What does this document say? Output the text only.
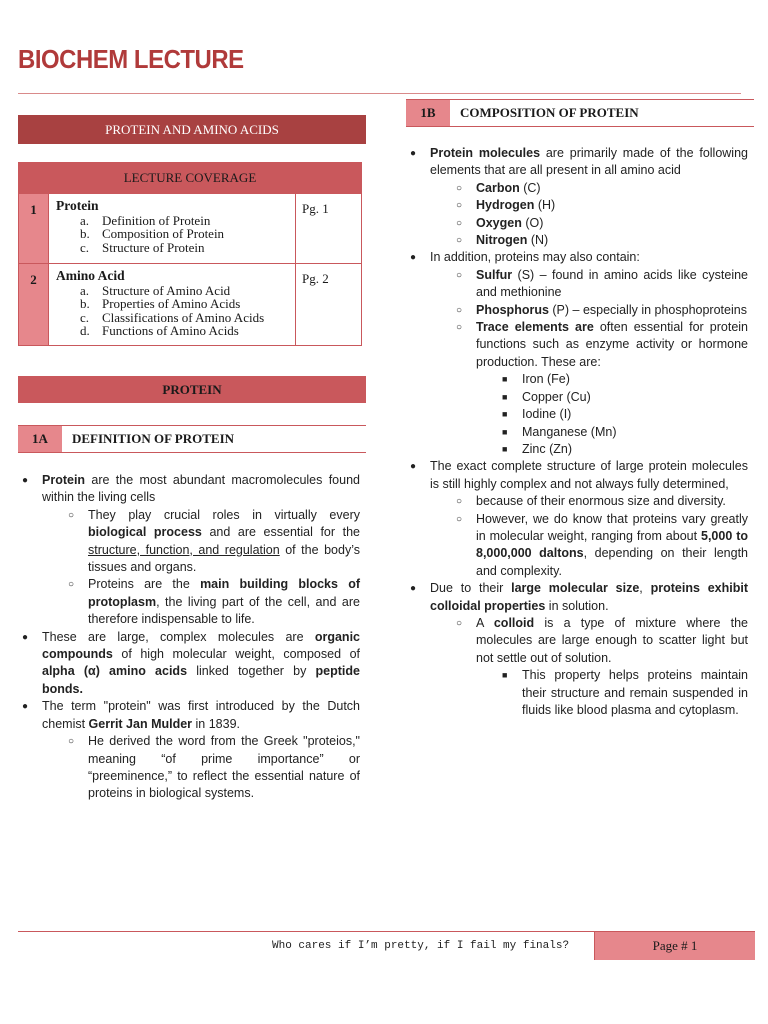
BIOCHEM LECTURE
PROTEIN AND AMINO ACIDS
LECTURE COVERAGE
1	Protein
a. Definition of Protein
b. Composition of Protein
c. Structure of Protein
Pg. 1
2	Amino Acid
a. Structure of Amino Acid
b. Properties of Amino Acids
c. Classifications of Amino Acids
d. Functions of Amino Acids
Pg. 2
PROTEIN
1A	DEFINITION OF PROTEIN
1B	COMPOSITION OF PROTEIN

● Protein are the most abundant macromolecules found within the living cells

○ They play crucial roles in virtually every biological process and are essential for the structure, function, and regulation of the body’s tissues and organs.

○ Proteins are the main building blocks of protoplasm, the living part of the cell, and are therefore indispensable to life.

● These are large, complex molecules are organic compounds of high molecular weight, composed of alpha (α) amino acids linked together by peptide bonds.

● The term "protein" was first introduced by the Dutch chemist Gerrit Jan Mulder in 1839.

○ He derived the word from the Greek "proteios," meaning “of prime importance” or “preeminence,” to reflect the essential nature of proteins in biological systems.

● Protein molecules are primarily made of the following elements that are all present in all amino acid

○ Carbon (C)

○ Hydrogen (H)

○ Oxygen (O)

○ Nitrogen (N)

● In addition, proteins may also contain:

○ Sulfur (S) – found in amino acids like cysteine and methionine

○ Phosphorus (P) – especially in phosphoproteins

○ Trace elements are often essential for protein functions such as enzyme activity or hormone production. These are:

■ Iron (Fe)

■ Copper (Cu)

■ Iodine (I)

■ Manganese (Mn)

■ Zinc (Zn)

● The exact complete structure of large protein molecules is still highly complex and not always fully determined,

○ because of their enormous size and diversity.

○ However, we do know that proteins vary greatly in molecular weight, ranging from about 5,000 to 8,000,000 daltons, depending on their length and complexity.

● Due to their large molecular size, proteins exhibit colloidal properties in solution.

○ A colloid is a type of mixture where the molecules are large enough to scatter light but not settle out of solution.

■ This property helps proteins maintain their structure and remain suspended in fluids like blood plasma and cytoplasm.

Who cares if I’m pretty, if I fail my finals?	Page # 1
